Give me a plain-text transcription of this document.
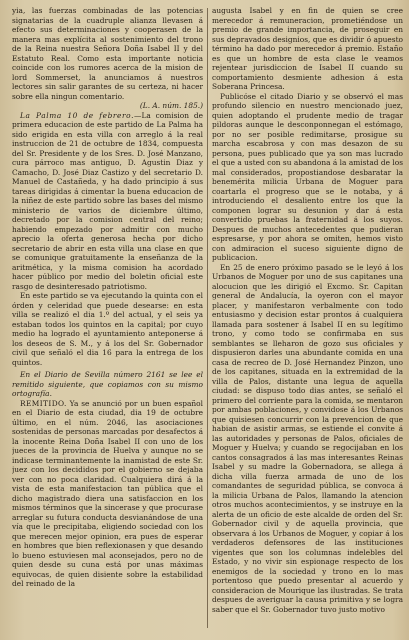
yia, las fuerzas combinadas de las potencias signatarias de la cuadruple alianza llevasen á efecto sus determinaciones y cooperasen de la manera mas explícita al sostenimiento del trono de la Reina nuestra Señora Doña Isabel II y del Estatuto Real. Como esta importante noticia coincide con los rumores acerca de la mision de lord Sommerset, la anunciamos á nuestros lectores sin salir garantes de su certeza, ni hacer sobre ella ningun comentario.

(L. A. núm. 185.)

La Palma 10 de febrero.—La comision de primera educacion de este partido de La Palma ha sido erigida en esta villa con arreglo á la real instruccion de 21 de octubre de 1834, compuesta del Sr. Presidente y de los Sres. D. José Manzano, cura párroco mas antiguo, D. Agustin Diaz y Camacho, D. José Diaz Castizo y del secretario D. Manuel de Castañeda, y ha dado principio á sus tareas dirigidas á cimentar la buena educacion de la niñez de este partido sobre las bases del mismo ministerio de varios de diciembre último, decretado por la comision central del reino; habiendo empezado por admitir con mucho aprecio la oferta generosa hecha por dicho secretario de abrir en esta villa una clase en que se comunique gratuitamente la enseñanza de la aritmética, y la misma comision ha acordado hacer público por medio del boletin oficial este rasgo de desinteresado patriotismo.

En este partido se va ejecutando la quinta con el órden y celeridad que puede desearse: en esta villa se realizó el dia 1.º del actual, y el seis ya estaban todos los quintos en la capital; por cuyo medio ha logrado el ayuntamiento anteponerse á los deseos de S. M., y á los del Sr. Gobernador civil que señaló el dia 16 para la entrega de los quintos.

En el Diario de Sevilla número 2161 se lee el remitido siguiente, que copiamos con su mismo ortografía.

REMITIDO. Ya se anunció por un buen español en el Diario de esta ciudad, dia 19 de octubre último, en el núm. 2046, las asociaciones sostenidas de personas marcadas por desafectos á la inocente Reina Doña Isabel II con uno de los jueces de la provincia de Huelva y aunque no se indicase terminantemente la inamistad de este Sr. juez con los decididos por el gobierno se dejaba ver con no poca claridad. Cualquiera dirá á la vista de esta manifestacion tan pública que el dicho magistrado diera una satisfaccion en los mismos términos que la sincerase y que procurase arreglar su futura conducta desvianándose de una vía que le precipitaba, eligiendo sociedad con los que merecen mejor opinion, era pues de esperar en hombres que bien reflexionasen y que desando lo bueno estuviesen mal aconsejados, pero no de quien desde su cuna está por unas máximas equivocas, de quien disiente sobre la estabilidad del reinado de la

augusta Isabel y en fin de quien se cree merecedor á remuneracion, prometiéndose un premio de grande importancia, de proseguir en sus depravados designios, que es dividir ó apuesto término ha dado por merecedor á premio. Estaño es que un hombre de esta clase le veamos rejentear jurisdiccion de Isabel II cuando su comportamiento desmiente adhesion á esta Soberana Princesa.

Publicóse el citado Diario y se observó el mas profundo silencio en nuestro mencionado juez, quien adoptando el prudente medio de tragar pildoras aunque le desconponnegan el estómago, por no ser posible redimitarse, prosigue su marcha escabrosa y con mas desazon de su persona, pues publicado que ya son mas lucrado el que a usted con su abandona á la amistad de los mal considerados, propostiandose desbaratar la benemérita milicia Urbana de Moguer para coartarla el progreso que se le notaba, y á introduciendo el desaliento entre los que la componen lograr su desunion y dar á esta convertido pruebas la fraternidad á los suyos. Despues de muchos antecedentes que pudieran espresarse, y por ahora se omiten, hemos visto con admiracion el suceso siguiente digno de publicacion.

En 25 de enero próximo pasado se le leyó á los Urbanos de Moguer por uno de sus capitanes una alocucion que les dirigió el Excmo. Sr. Capitan general de Andalucía, la oyeron con el mayor placer, y manifestaron verbalmente con todo entusiasmo y decision estar prontos á cualquiera llamada para sostener á Isabel II en su legítimo trono, y como todo se confirmaba en sus semblantes se lleharon de gozo sus oficiales y dispusieron darles una abundante comida en una casa de recreo de D. José Hernandez Pinzon, uno de los capitanes, situada en la extremidad de la villa de Palos, distante una legua de aquella ciudad: se dispuso todo dias antes, se señaló el primero del corriente para la comida, se mentaron por ambas poblaciones, y convidose á los Urbanos que quisiesen concurrir con la prevencion de que habian de asistir armas, se estiende el convite á las autoridades y personas de Palos, oficiales de Moguer y Huelva; y cuando se regocijaban en los cantos consagrados á las mas interesantes Reinas Isabel y su madre la Gobernadora, se allega á dicha villa fuerza armada de uno de los comandantes de seguridad pública, se convoca á la milicia Urbana de Palos, llamando la atencion otros muchos acontecimientos, y se instruye en la alerta de un oficio de este alcalde de orden del Sr. Gobernador civil y de aquella provincia, que observara á los Urbanos de Moguer, y copiar á los verdaderos defensores de las instituciones vigentes que son los columnas indelebles del Estado, y no vivir sin espionage respecto de los enemigos de la sociedad y trono en lo mas portentoso que puedo presentar al acuerdo y consideracion de Mourique las ilustradas. Se trata despues de averiguar la causa primitiva y se logra saber que el Sr. Gobernador tuvo justo motivo
